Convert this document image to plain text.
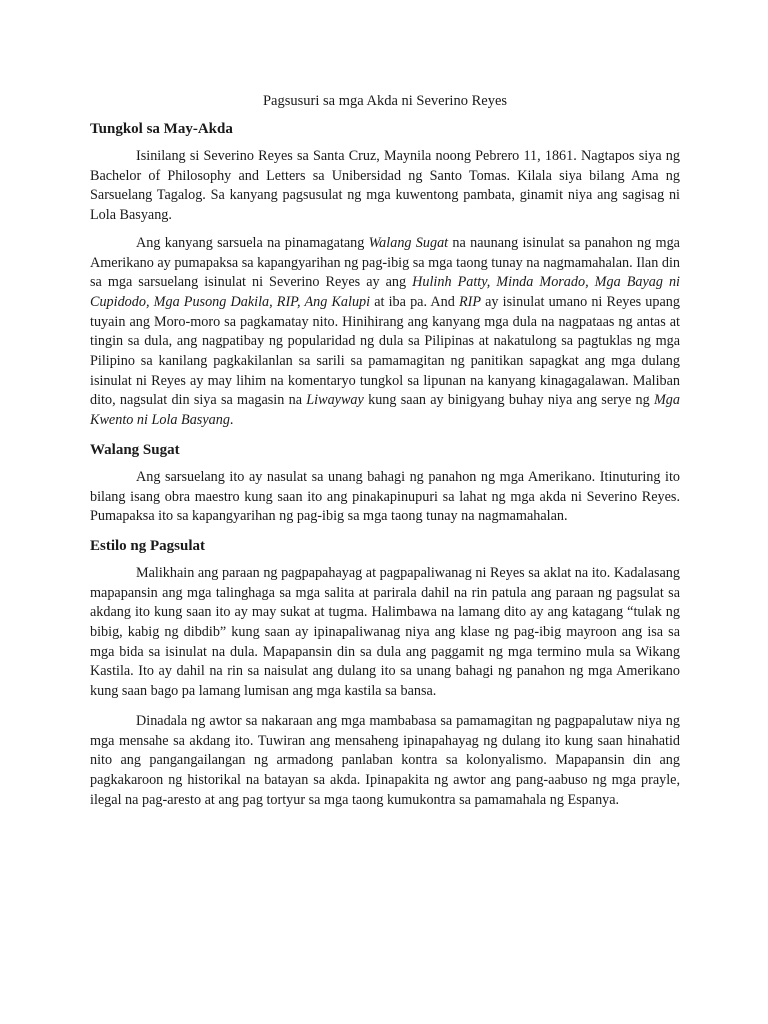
Pagsusuri sa mga Akda ni Severino Reyes
Tungkol sa May-Akda

Isinilang si Severino Reyes sa Santa Cruz, Maynila noong Pebrero 11, 1861. Nagtapos siya ng Bachelor of Philosophy and Letters sa Unibersidad ng Santo Tomas. Kilala siya bilang Ama ng Sarsuelang Tagalog. Sa kanyang pagsusulat ng mga kuwentong pambata, ginamit niya ang sagisag ni Lola Basyang.

Ang kanyang sarsuela na pinamagatang Walang Sugat na naunang isinulat sa panahon ng mga Amerikano ay pumapaksa sa kapangyarihan ng pag-ibig sa mga taong tunay na nagmamahalan. Ilan din sa mga sarsuelang isinulat ni Severino Reyes ay ang Hulinh Patty, Minda Morado, Mga Bayag ni Cupidodo, Mga Pusong Dakila, RIP, Ang Kalupi at iba pa. And RIP ay isinulat umano ni Reyes upang tuyain ang Moro-moro sa pagkamatay nito. Hinihirang ang kanyang mga dula na nagpataas ng antas at tingin sa dula, ang nagpatibay ng popularidad ng dula sa Pilipinas at nakatulong sa pagtuklas ng mga Pilipino sa kanilang pagkakilanlan sa sarili sa pamamagitan ng panitikan sapagkat ang mga dulang isinulat ni Reyes ay may lihim na komentaryo tungkol sa lipunan na kanyang kinagagalawan. Maliban dito, nagsulat din siya sa magasin na Liwayway kung saan ay binigyang buhay niya ang serye ng Mga Kwento ni Lola Basyang.

Walang Sugat

Ang sarsuelang ito ay nasulat sa unang bahagi ng panahon ng mga Amerikano. Itinuturing ito bilang isang obra maestro kung saan ito ang pinakapinupuri sa lahat ng mga akda ni Severino Reyes. Pumapaksa ito sa kapangyarihan ng pag-ibig sa mga taong tunay na nagmamahalan.

Estilo ng Pagsulat

Malikhain ang paraan ng pagpapahayag at pagpapaliwanag ni Reyes sa aklat na ito. Kadalasang mapapansin ang mga talinghaga sa mga salita at parirala dahil na rin patula ang paraan ng pagsulat sa akdang ito kung saan ito ay may sukat at tugma. Halimbawa na lamang dito ay ang katagang “tulak ng bibig, kabig ng dibdib” kung saan ay ipinapaliwanag niya ang klase ng pag-ibig mayroon ang isa sa mga bida sa isinulat na dula. Mapapansin din sa dula ang paggamit ng mga termino mula sa Wikang Kastila. Ito ay dahil na rin sa naisulat ang dulang ito sa unang bahagi ng panahon ng mga Amerikano kung saan bago pa lamang lumisan ang mga kastila sa bansa.

Dinadala ng awtor sa nakaraan ang mga mambabasa sa pamamagitan ng pagpapalutaw niya ng mga mensahe sa akdang ito. Tuwiran ang mensaheng ipinapahayag ng dulang ito kung saan hinahatid nito ang pangangailangan ng armadong panlaban kontra sa kolonyalismo. Mapapansin din ang pagkakaroon ng historikal na batayan sa akda. Ipinapakita ng awtor ang pang-aabuso ng mga prayle, ilegal na pag-aresto at ang pag tortyur sa mga taong kumukontra sa pamamahala ng Espanya.
